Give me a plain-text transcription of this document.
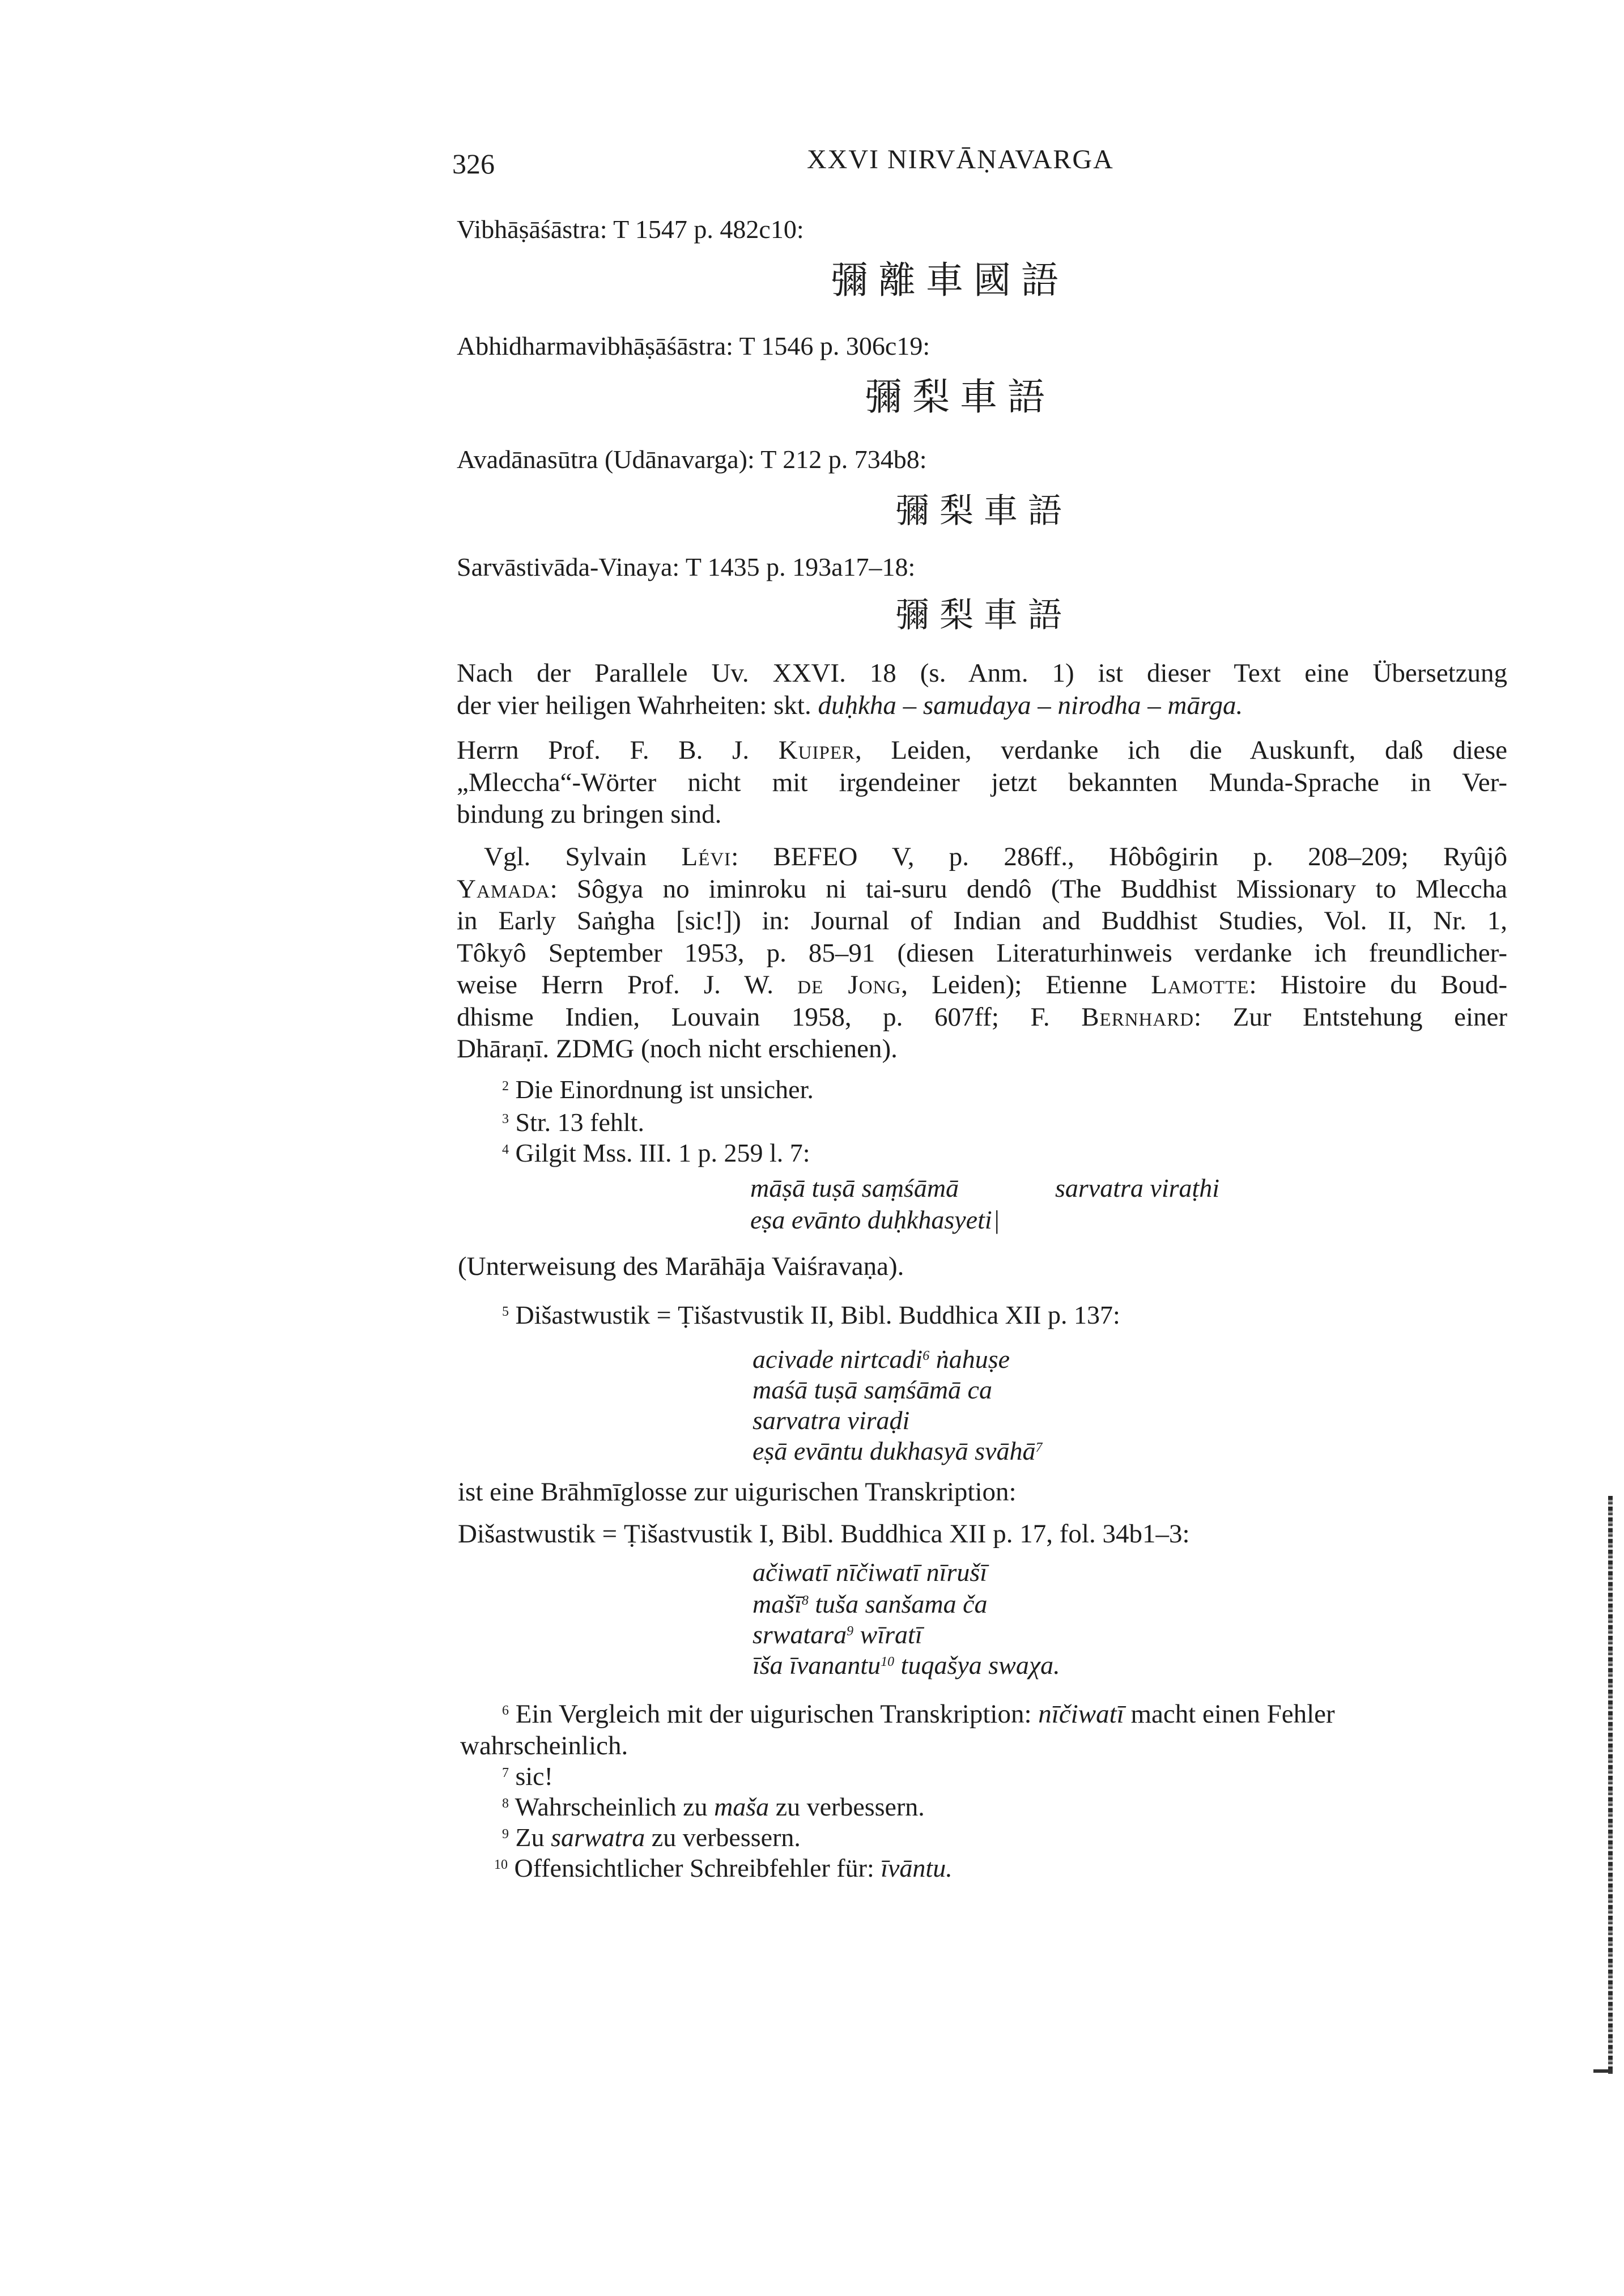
326	XXVI NIRVĀṆAVARGA
Vibhāṣāśāstra: T 1547 p. 482c10:
彌離車國語
Abhidharmavibhāṣāśāstra: T 1546 p. 306c19:
彌梨車語
Avadānasūtra (Udānavarga): T 212 p. 734b8:
彌梨車語
Sarvāstivāda-Vinaya: T 1435 p. 193a17–18:
彌梨車語
Nach der Parallele Uv. XXVI. 18 (s. Anm. 1) ist dieser Text eine Übersetzung
der vier heiligen Wahrheiten: skt. duḥkha – samudaya – nirodha – mārga.
Herrn Prof. F. B. J. Kuiper, Leiden, verdanke ich die Auskunft, daß diese
„Mleccha“-Wörter nicht mit irgendeiner jetzt bekannten Munda-Sprache in Ver-
bindung zu bringen sind.
Vgl. Sylvain Lévi: BEFEO V, p. 286ff., Hôbôgirin p. 208–209; Ryûjô
Yamada: Sôgya no iminroku ni tai-suru dendô (The Buddhist Missionary to Mleccha
in Early Saṅgha [sic!]) in: Journal of Indian and Buddhist Studies, Vol. II, Nr. 1,
Tôkyô September 1953, p. 85–91 (diesen Literaturhinweis verdanke ich freundlicher-
weise Herrn Prof. J. W. de Jong, Leiden); Etienne Lamotte: Histoire du Boud-
dhisme Indien, Louvain 1958, p. 607ff; F. Bernhard: Zur Entstehung einer
Dhāraṇī. ZDMG (noch nicht erschienen).
$^2$ Die Einordnung ist unsicher.
$^3$ Str. 13 fehlt.
$^4$ Gilgit Mss. III. 1 p. 259 l. 7:
māṣā tuṣā saṃśāmā	sarvatra viraṭhi
eṣa evānto duḥkhasyeti|
(Unterweisung des Marāhāja Vaiśravaṇa).
$^5$ Dišastwustik = Ṭišastvustik II, Bibl. Buddhica XII p. 137:
acivade nirtcadi$^6$ ṅahuṣe
maśā tuṣā saṃśāmā ca
sarvatra viraḍi
eṣā evāntu dukhasyā svāhā$^7$
ist eine Brāhmīglosse zur uigurischen Transkription:
Dišastwustik = Ṭišastvustik I, Bibl. Buddhica XII p. 17, fol. 34b1–3:
ačiwatī nīčiwatī nīrušī
mašī$^8$ tuša sanšama ča
srwatara$^9$ wīratī
īša īvanantu$^{10}$ tuqašya swaχa.
$^6$ Ein Vergleich mit der uigurischen Transkription: nīčiwatī macht einen Fehler
wahrscheinlich.
$^7$ sic!
$^8$ Wahrscheinlich zu maša zu verbessern.
$^9$ Zu sarwatra zu verbessern.
$^{10}$ Offensichtlicher Schreibfehler für: īvāntu.
